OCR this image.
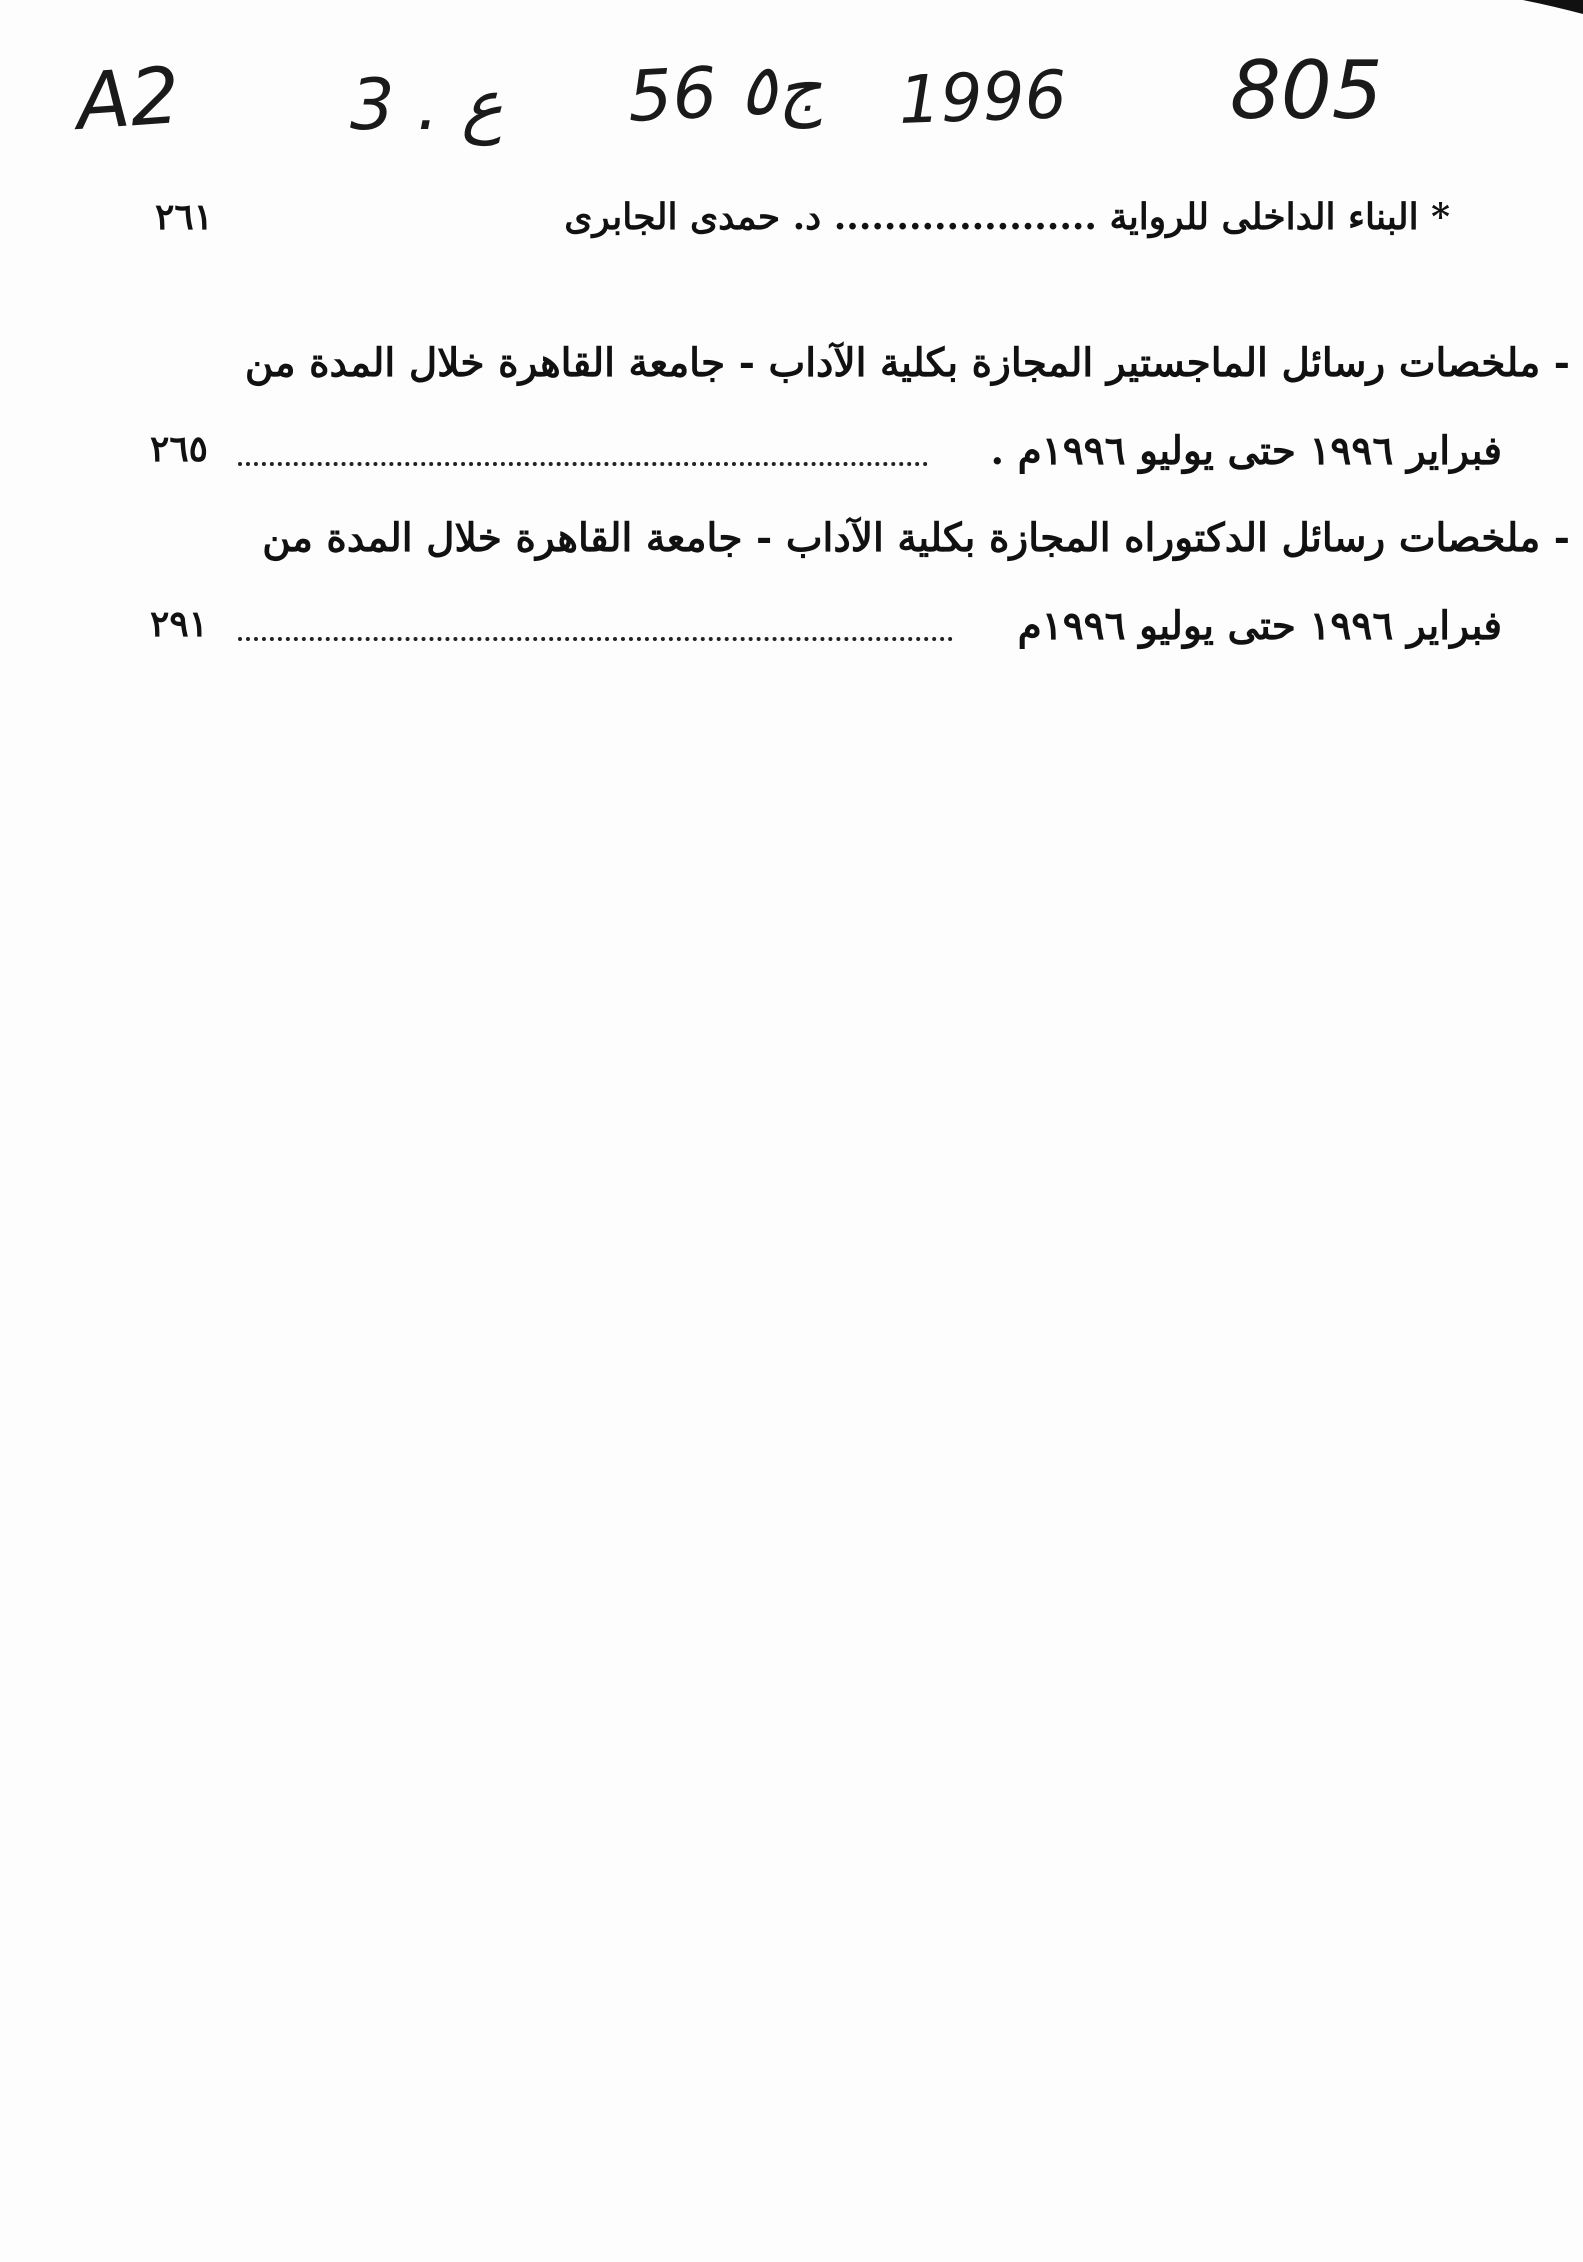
A2 3 . ع 56 ج٥ 1996 805
٢٦١	* البناء الداخلى للرواية ..................... د. حمدى الجابرى
- ملخصات رسائل الماجستير المجازة بكلية الآداب - جامعة القاهرة خلال المدة من
فبراير ١٩٩٦ حتى يوليو ١٩٩٦م .
٢٦٥
- ملخصات رسائل الدكتوراه المجازة بكلية الآداب - جامعة القاهرة خلال المدة من
فبراير ١٩٩٦ حتى يوليو ١٩٩٦م
٢٩١
